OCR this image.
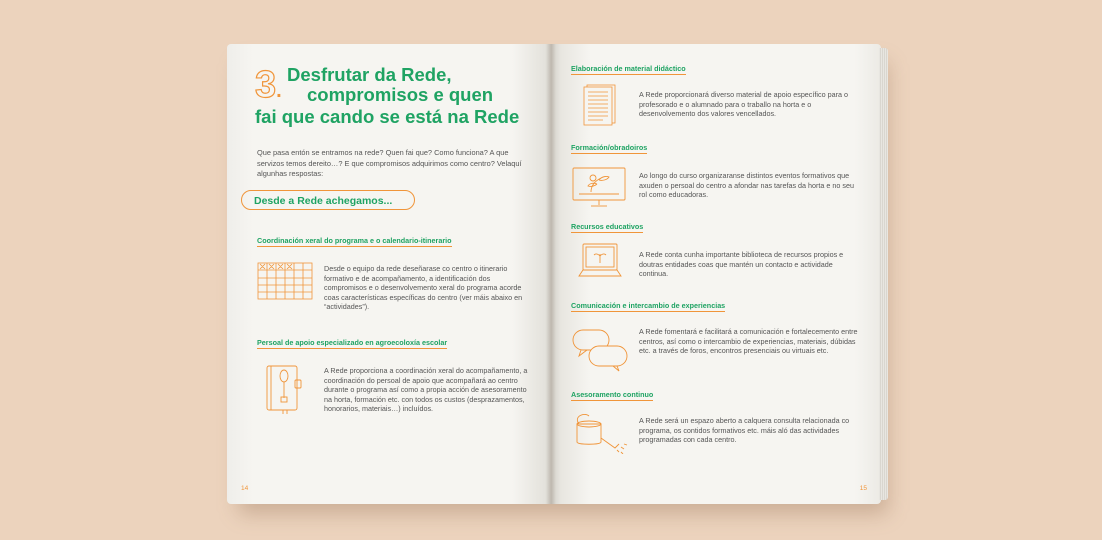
3.
Desfrutar da Rede,
compromisos e quen
fai que cando se está na Rede
Que pasa entón se entramos na rede? Quen fai que? Como funciona? A que servizos temos dereito…? E que compromisos adquirimos como centro? Velaquí algunhas respostas:
Desde a Rede achegamos...
Coordinación xeral do programa e o calendario-itinerario
Desde o equipo da rede deseñarase co centro o itinerario formativo e de acompañamento, a identificación dos compromisos e o desenvolvemento xeral do programa acorde coas características específicas do centro (ver máis abaixo en “actividades”).
Persoal de apoio especializado en agroecoloxía escolar
A Rede proporciona a coordinación xeral do acompañamento, a coordinación do persoal de apoio que acompañará ao centro durante o programa así como a propia acción de asesoramento na horta, formación etc. con todos os custos (desprazamentos, honorarios, materiais…) incluídos.
14
Elaboración de material didáctico
A Rede proporcionará diverso material de apoio específico para o profesorado e o alumnado para o traballo na horta e o desenvolvemento dos valores vencellados.
Formación/obradoiros
Ao longo do curso organizaranse distintos eventos formativos que axuden o persoal do centro a afondar nas tarefas da horta e no seu rol como educadoras.
Recursos educativos
A Rede conta cunha importante biblioteca de recursos propios e doutras entidades coas que mantén un contacto e actividade continua.
Comunicación e intercambio de experiencias
A Rede fomentará e facilitará a comunicación e fortalecemento entre centros, así como o intercambio de experiencias, materiais, dúbidas etc. a través de foros, encontros presenciais ou virtuais etc.
Asesoramento continuo
A Rede será un espazo aberto a calquera consulta relacionada co programa, os contidos formativos etc. máis aló das actividades programadas con cada centro.
15
